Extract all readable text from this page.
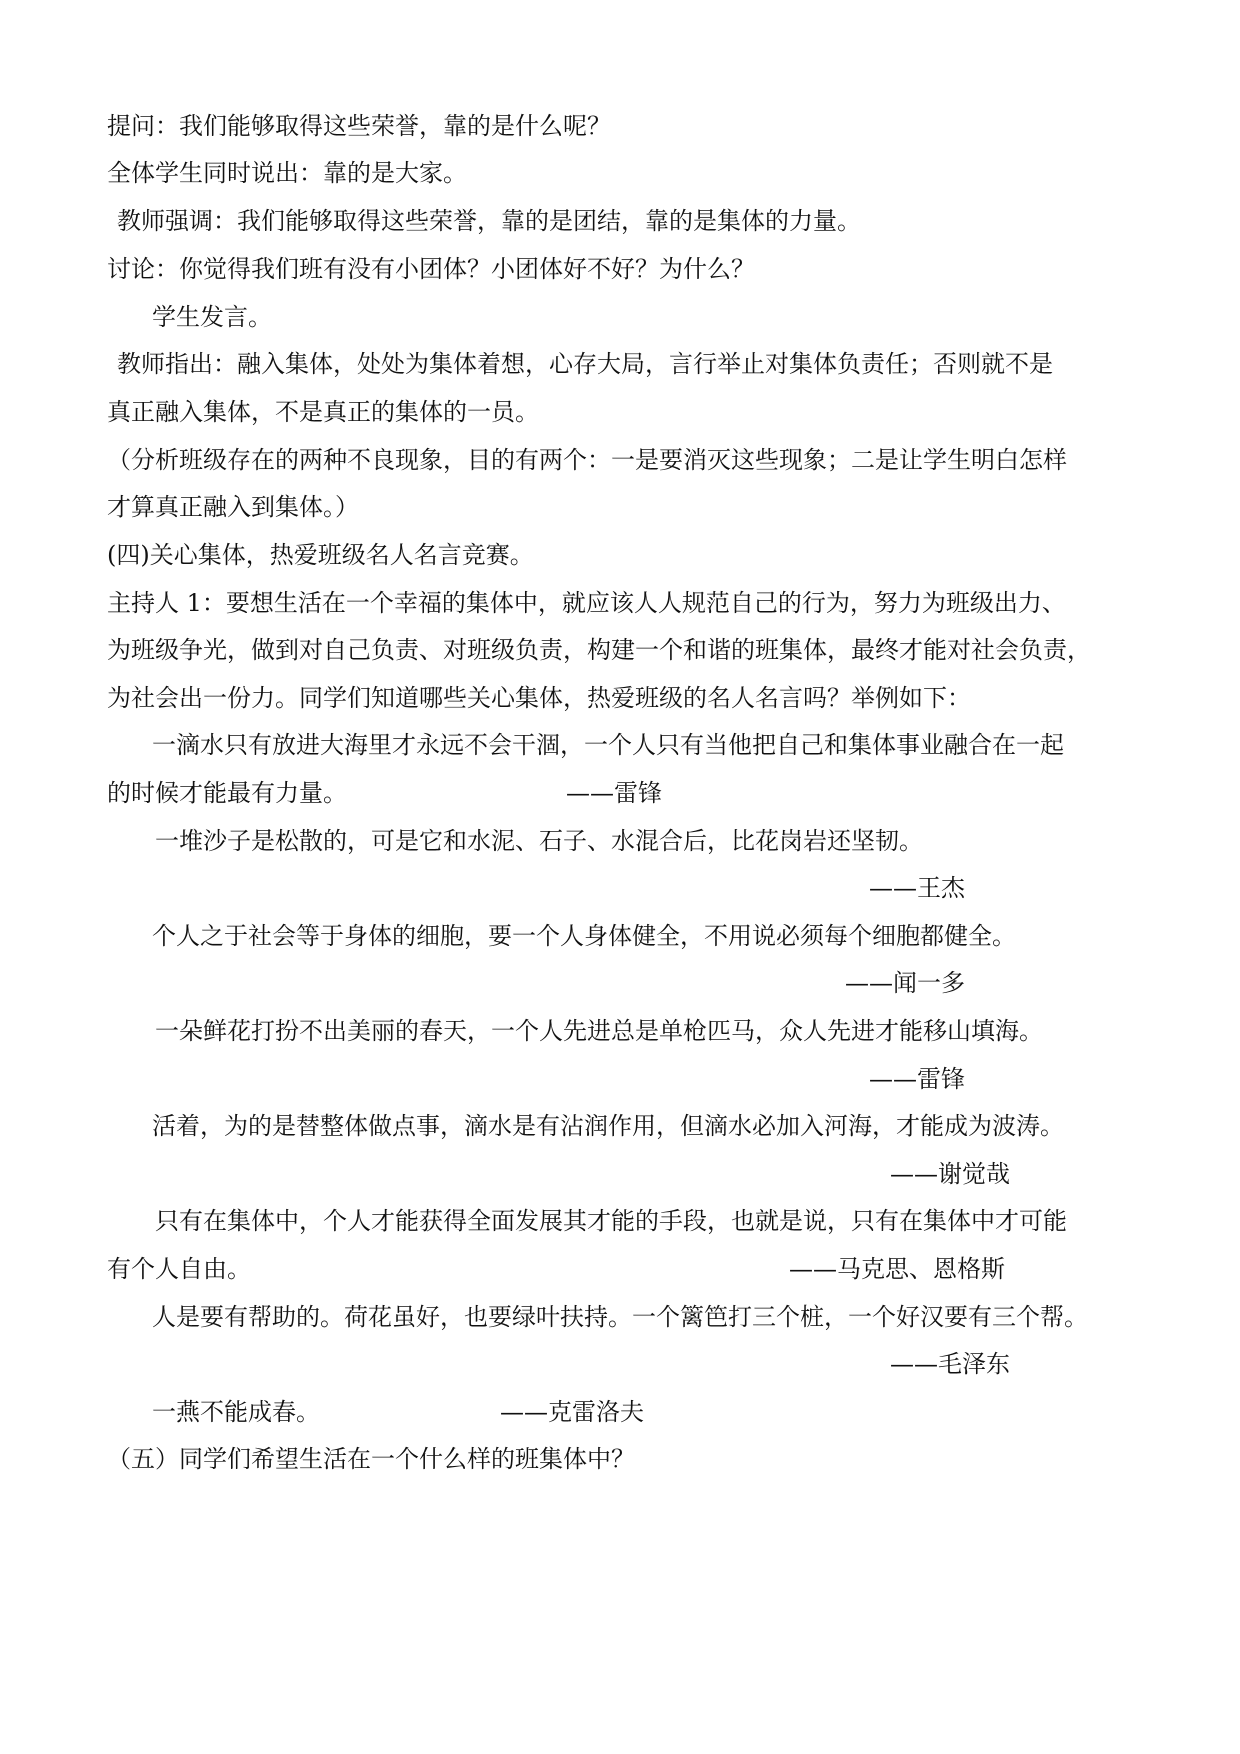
提问：我们能够取得这些荣誉，靠的是什么呢？
全体学生同时说出：靠的是大家。
教师强调：我们能够取得这些荣誉，靠的是团结，靠的是集体的力量。
讨论：你觉得我们班有没有小团体？小团体好不好？为什么？
学生发言。
教师指出：融入集体，处处为集体着想，心存大局，言行举止对集体负责任；否则就不是
真正融入集体，不是真正的集体的一员。
（分析班级存在的两种不良现象，目的有两个：一是要消灭这些现象；二是让学生明白怎样
才算真正融入到集体。）
(四)关心集体，热爱班级名人名言竞赛。
主持人 1：要想生活在一个幸福的集体中，就应该人人规范自己的行为，努力为班级出力、
为班级争光，做到对自己负责、对班级负责，构建一个和谐的班集体，最终才能对社会负责，
为社会出一份力。同学们知道哪些关心集体，热爱班级的名人名言吗？举例如下：
一滴水只有放进大海里才永远不会干涸，一个人只有当他把自己和集体事业融合在一起
的时候才能最有力量。	——雷锋
一堆沙子是松散的，可是它和水泥、石子、水混合后，比花岗岩还坚韧。
——王杰
个人之于社会等于身体的细胞，要一个人身体健全，不用说必须每个细胞都健全。
——闻一多
一朵鲜花打扮不出美丽的春天，一个人先进总是单枪匹马，众人先进才能移山填海。
——雷锋
活着，为的是替整体做点事，滴水是有沾润作用，但滴水必加入河海，才能成为波涛。
——谢觉哉
只有在集体中，个人才能获得全面发展其才能的手段，也就是说，只有在集体中才可能
有个人自由。	——马克思、恩格斯
人是要有帮助的。荷花虽好，也要绿叶扶持。一个篱笆打三个桩，一个好汉要有三个帮。
——毛泽东
一燕不能成春。	——克雷洛夫
（五）同学们希望生活在一个什么样的班集体中？
